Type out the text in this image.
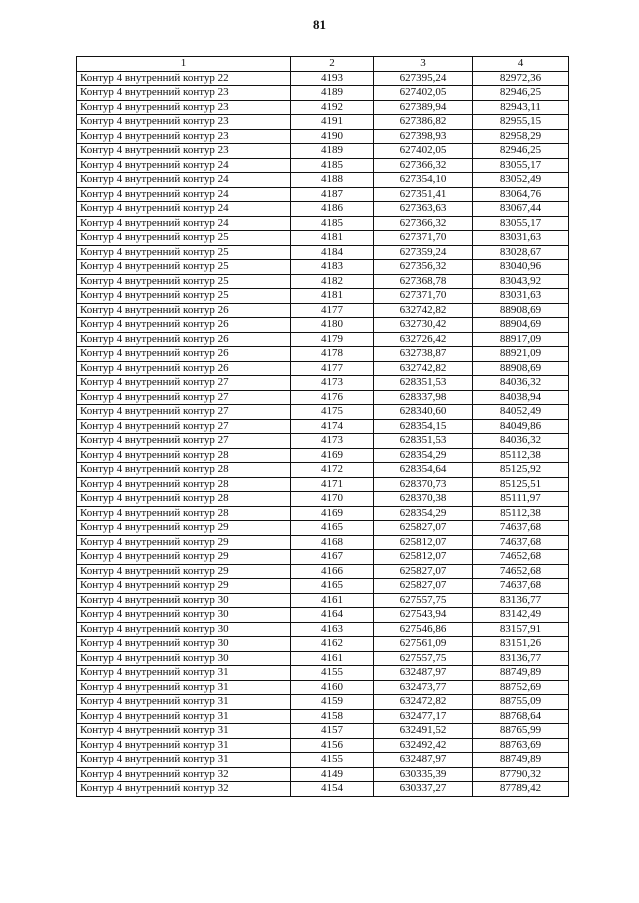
81
1	2	3	4
Контур 4 внутренний контур 22	4193	627395,24	82972,36
Контур 4 внутренний контур 23	4189	627402,05	82946,25
Контур 4 внутренний контур 23	4192	627389,94	82943,11
Контур 4 внутренний контур 23	4191	627386,82	82955,15
Контур 4 внутренний контур 23	4190	627398,93	82958,29
Контур 4 внутренний контур 23	4189	627402,05	82946,25
Контур 4 внутренний контур 24	4185	627366,32	83055,17
Контур 4 внутренний контур 24	4188	627354,10	83052,49
Контур 4 внутренний контур 24	4187	627351,41	83064,76
Контур 4 внутренний контур 24	4186	627363,63	83067,44
Контур 4 внутренний контур 24	4185	627366,32	83055,17
Контур 4 внутренний контур 25	4181	627371,70	83031,63
Контур 4 внутренний контур 25	4184	627359,24	83028,67
Контур 4 внутренний контур 25	4183	627356,32	83040,96
Контур 4 внутренний контур 25	4182	627368,78	83043,92
Контур 4 внутренний контур 25	4181	627371,70	83031,63
Контур 4 внутренний контур 26	4177	632742,82	88908,69
Контур 4 внутренний контур 26	4180	632730,42	88904,69
Контур 4 внутренний контур 26	4179	632726,42	88917,09
Контур 4 внутренний контур 26	4178	632738,87	88921,09
Контур 4 внутренний контур 26	4177	632742,82	88908,69
Контур 4 внутренний контур 27	4173	628351,53	84036,32
Контур 4 внутренний контур 27	4176	628337,98	84038,94
Контур 4 внутренний контур 27	4175	628340,60	84052,49
Контур 4 внутренний контур 27	4174	628354,15	84049,86
Контур 4 внутренний контур 27	4173	628351,53	84036,32
Контур 4 внутренний контур 28	4169	628354,29	85112,38
Контур 4 внутренний контур 28	4172	628354,64	85125,92
Контур 4 внутренний контур 28	4171	628370,73	85125,51
Контур 4 внутренний контур 28	4170	628370,38	85111,97
Контур 4 внутренний контур 28	4169	628354,29	85112,38
Контур 4 внутренний контур 29	4165	625827,07	74637,68
Контур 4 внутренний контур 29	4168	625812,07	74637,68
Контур 4 внутренний контур 29	4167	625812,07	74652,68
Контур 4 внутренний контур 29	4166	625827,07	74652,68
Контур 4 внутренний контур 29	4165	625827,07	74637,68
Контур 4 внутренний контур 30	4161	627557,75	83136,77
Контур 4 внутренний контур 30	4164	627543,94	83142,49
Контур 4 внутренний контур 30	4163	627546,86	83157,91
Контур 4 внутренний контур 30	4162	627561,09	83151,26
Контур 4 внутренний контур 30	4161	627557,75	83136,77
Контур 4 внутренний контур 31	4155	632487,97	88749,89
Контур 4 внутренний контур 31	4160	632473,77	88752,69
Контур 4 внутренний контур 31	4159	632472,82	88755,09
Контур 4 внутренний контур 31	4158	632477,17	88768,64
Контур 4 внутренний контур 31	4157	632491,52	88765,99
Контур 4 внутренний контур 31	4156	632492,42	88763,69
Контур 4 внутренний контур 31	4155	632487,97	88749,89
Контур 4 внутренний контур 32	4149	630335,39	87790,32
Контур 4 внутренний контур 32	4154	630337,27	87789,42
